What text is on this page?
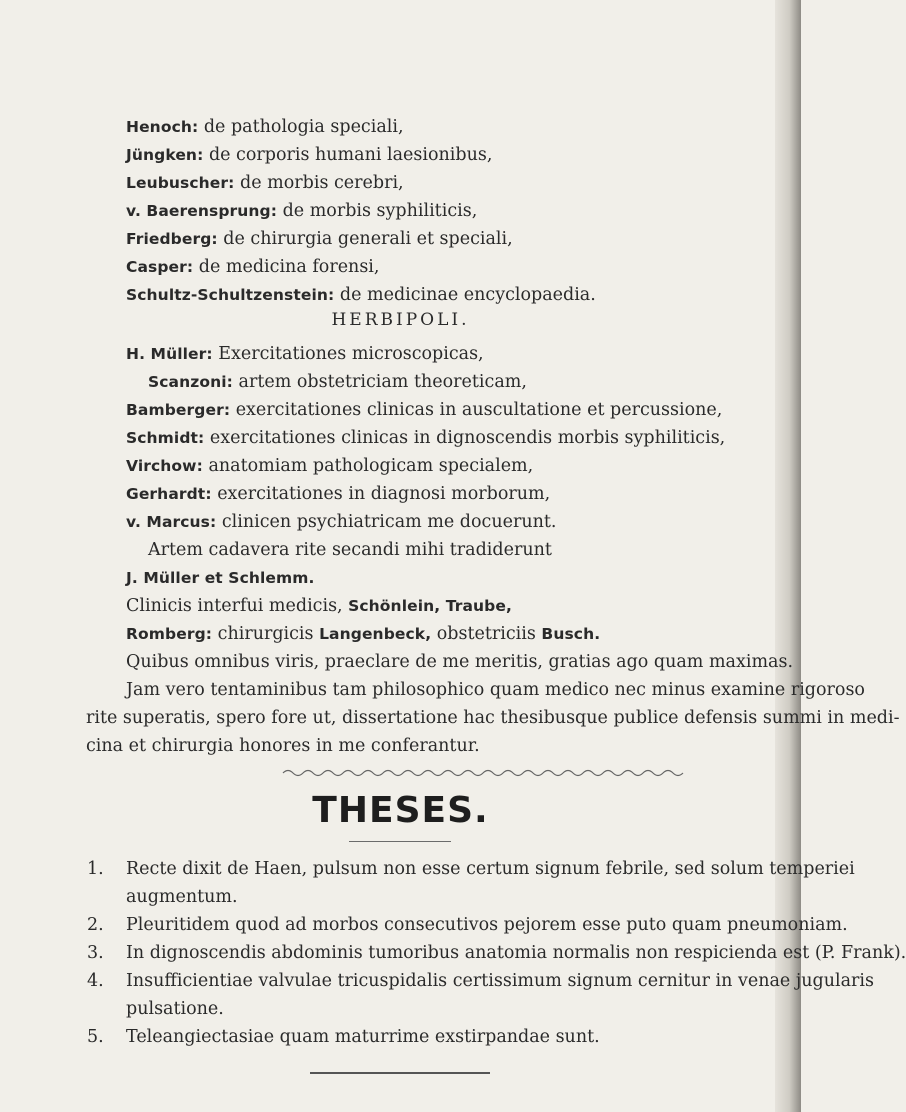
Henoch: de pathologia speciali,
Jüngken: de corporis humani laesionibus,
Leubuscher: de morbis cerebri,
v. Baerensprung: de morbis syphiliticis,
Friedberg: de chirurgia generali et speciali,
Casper: de medicina forensi,
Schultz-Schultzenstein: de medicinae encyclopaedia.
HERBIPOLI.
H. Müller: Exercitationes microscopicas,
Scanzoni: artem obstetriciam theoreticam,
Bamberger: exercitationes clinicas in auscultatione et percussione,
Schmidt: exercitationes clinicas in dignoscendis morbis syphiliticis,
Virchow: anatomiam pathologicam specialem,
Gerhardt: exercitationes in diagnosi morborum,
v. Marcus: clinicen psychiatricam me docuerunt.
Artem cadavera rite secandi mihi tradiderunt
J. Müller et Schlemm.
Clinicis interfui medicis, Schönlein, Traube,
Romberg: chirurgicis Langenbeck, obstetriciis Busch.
Quibus omnibus viris, praeclare de me meritis, gratias ago quam maximas.
Jam vero tentaminibus tam philosophico quam medico nec minus examine rigoroso
rite superatis, spero fore ut, dissertatione hac thesibusque publice defensis summi in medi-
cina et chirurgia honores in me conferantur.
THESES.
1. Recte dixit de Haen, pulsum non esse certum signum febrile, sed solum temperiei
augmentum.
2. Pleuritidem quod ad morbos consecutivos pejorem esse puto quam pneumoniam.
3. In dignoscendis abdominis tumoribus anatomia normalis non respicienda est (P. Frank).
4. Insufficientiae valvulae tricuspidalis certissimum signum cernitur in venae jugularis
pulsatione.
5. Teleangiectasiae quam maturrime exstirpandae sunt.
